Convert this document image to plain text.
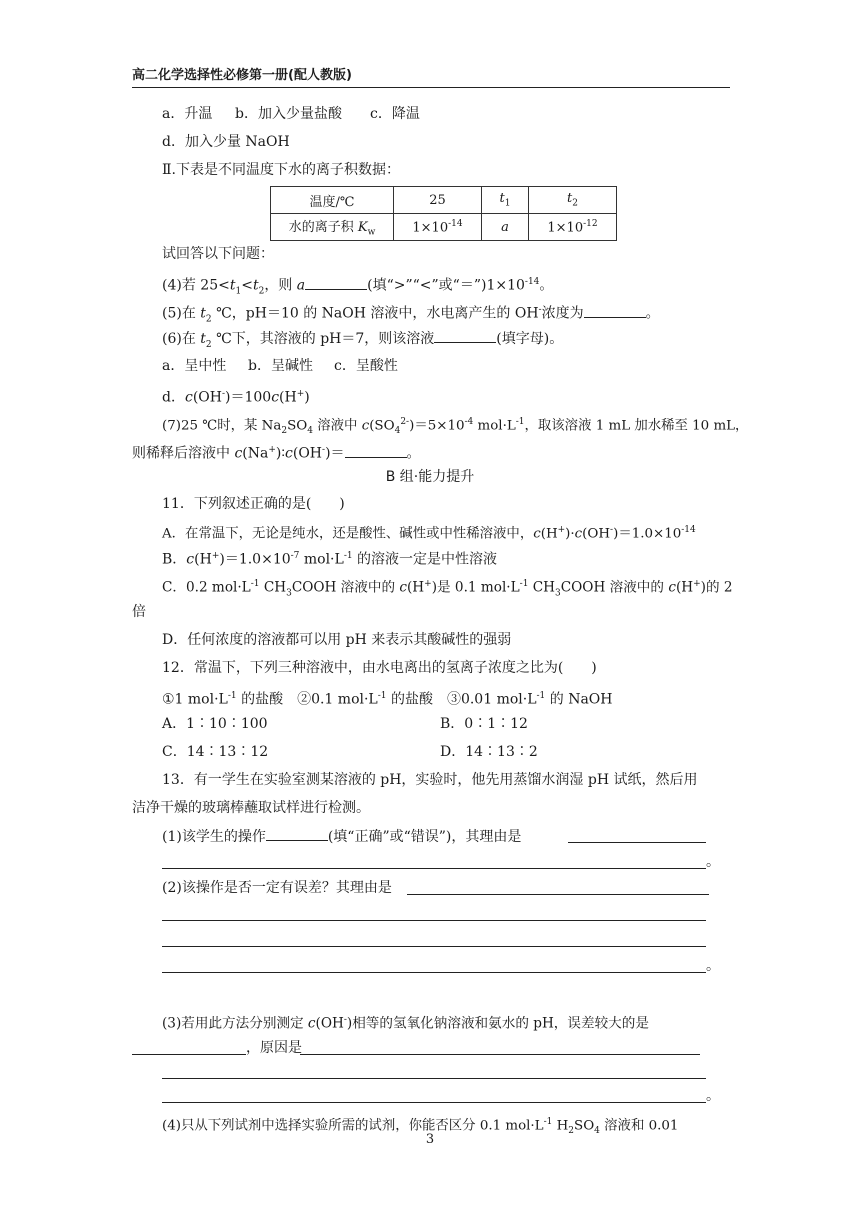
高二化学选择性必修第一册(配人教版)
a．升温 b．加入少量盐酸 c．降温
d．加入少量 NaOH
Ⅱ.下表是不同温度下水的离子积数据：
温度/℃	25	$t_1$	$t_2$
水的离子积 $K_w$	$1\times 10^{-14}$	a	$1\times 10^{-12}$
试回答以下问题：
(4)若 $25<t_1<t_2$，则 a	(填“>”“<”或“$=”)1\times 10^{-14}$。
(5)在 $t_2$ ℃，pH＝10 的 NaOH 溶液中，水电离产生的 OH-浓度为	。
(6)在 $t_2$ ℃下，其溶液的 pH＝7，则该溶液	(填字母)。
a．呈中性 b．呈碱性 c．呈酸性
d．c(OH-)＝100c(H+)
(7)25 ℃时，某 $Na_2SO_4$ 溶液中 $c(SO_4^{2-})=5\times 10^{-4}$ $mol\cdot L^{-1}$，取该溶液 1 mL 加水稀至 10 mL，
则稀释后溶液中 c(Na+)∶c(OH-)＝	。
B 组·能力提升
11．下列叙述正确的是(　　)
A．在常温下，无论是纯水，还是酸性、碱性或中性稀溶液中，$c(H^+)\cdot c(OH^-)=1.0\times 10^{-14}$
B．$c(H^+)=1.0\times 10^{-7}$ $mol\cdot L^{-1}$ 的溶液一定是中性溶液
C．0.2 $mol\cdot L^{-1}$ $CH_3COOH$ 溶液中的 c(H+)是 0.1 $mol\cdot L^{-1}$ $CH_3COOH$ 溶液中的 c(H+)的 2
倍
D．任何浓度的溶液都可以用 pH 来表示其酸碱性的强弱
12．常温下，下列三种溶液中，由水电离出的氢离子浓度之比为(　　)
①1 $mol\cdot L^{-1}$ 的盐酸　②0.1 $mol\cdot L^{-1}$ 的盐酸　③0.01 $mol\cdot L^{-1}$ 的 NaOH
A．1∶10∶100	B．0∶1∶12
C．14∶13∶12	D．14∶13∶2
13．有一学生在实验室测某溶液的 pH，实验时，他先用蒸馏水润湿 pH 试纸，然后用
洁净干燥的玻璃棒蘸取试样进行检测。
(1)该学生的操作	(填“正确”或“错误”)，其理由是
。
(2)该操作是否一定有误差？其理由是
。
(3)若用此方法分别测定 c(OH-)相等的氢氧化钠溶液和氨水的 pH，误差较大的是
，原因是
。
(4)只从下列试剂中选择实验所需的试剂，你能否区分 0.1 $mol\cdot L^{-1}$ $H_2SO_4$ 溶液和 0.01
3
